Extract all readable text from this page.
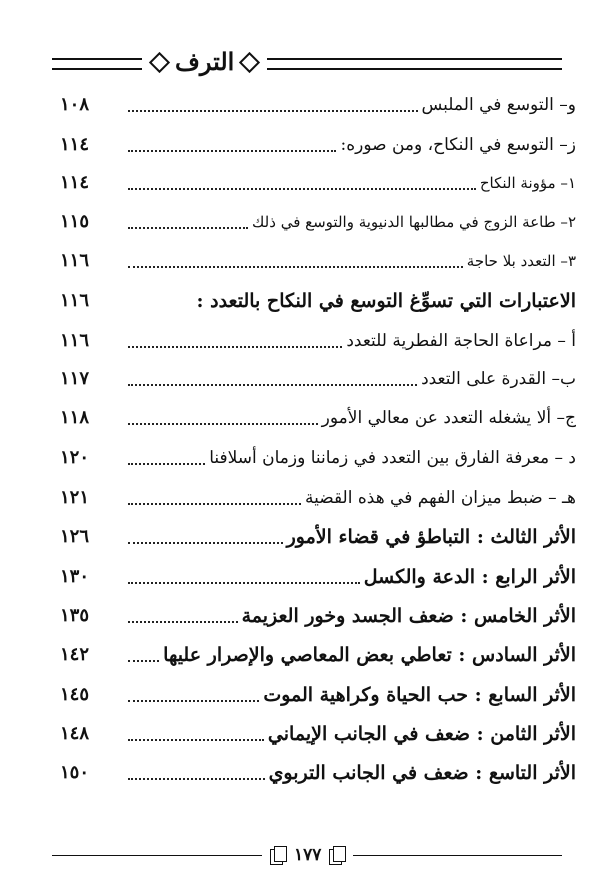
الترف
و– التوسع في الملبس
١٠٨
ز– التوسع في النكاح، ومن صوره:
١١٤
١– مؤونة النكاح
١١٤
٢– طاعة الزوج في مطالبها الدنيوية والتوسع في ذلك
١١٥
٣– التعدد بلا حاجة
١١٦
الاعتبارات التي تسوِّغ التوسع في النكاح بالتعدد :
١١٦
أ – مراعاة الحاجة الفطرية للتعدد
١١٦
ب– القدرة على التعدد
١١٧
ج– ألا يشغله التعدد عن معالي الأمور
١١٨
د – معرفة الفارق بين التعدد في زماننا وزمان أسلافنا
١٢٠
هـ – ضبط ميزان الفهم في هذه القضية
١٢١
الأثر الثالث : التباطؤ في قضاء الأمور
١٢٦
الأثر الرابع : الدعة والكسل
١٣٠
الأثر الخامس : ضعف الجسد وخور العزيمة
١٣٥
الأثر السادس : تعاطي بعض المعاصي والإصرار عليها
١٤٢
الأثر السابع : حب الحياة وكراهية الموت
١٤٥
الأثر الثامن : ضعف في الجانب الإيماني
١٤٨
الأثر التاسع : ضعف في الجانب التربوي
١٥٠
١٧٧
